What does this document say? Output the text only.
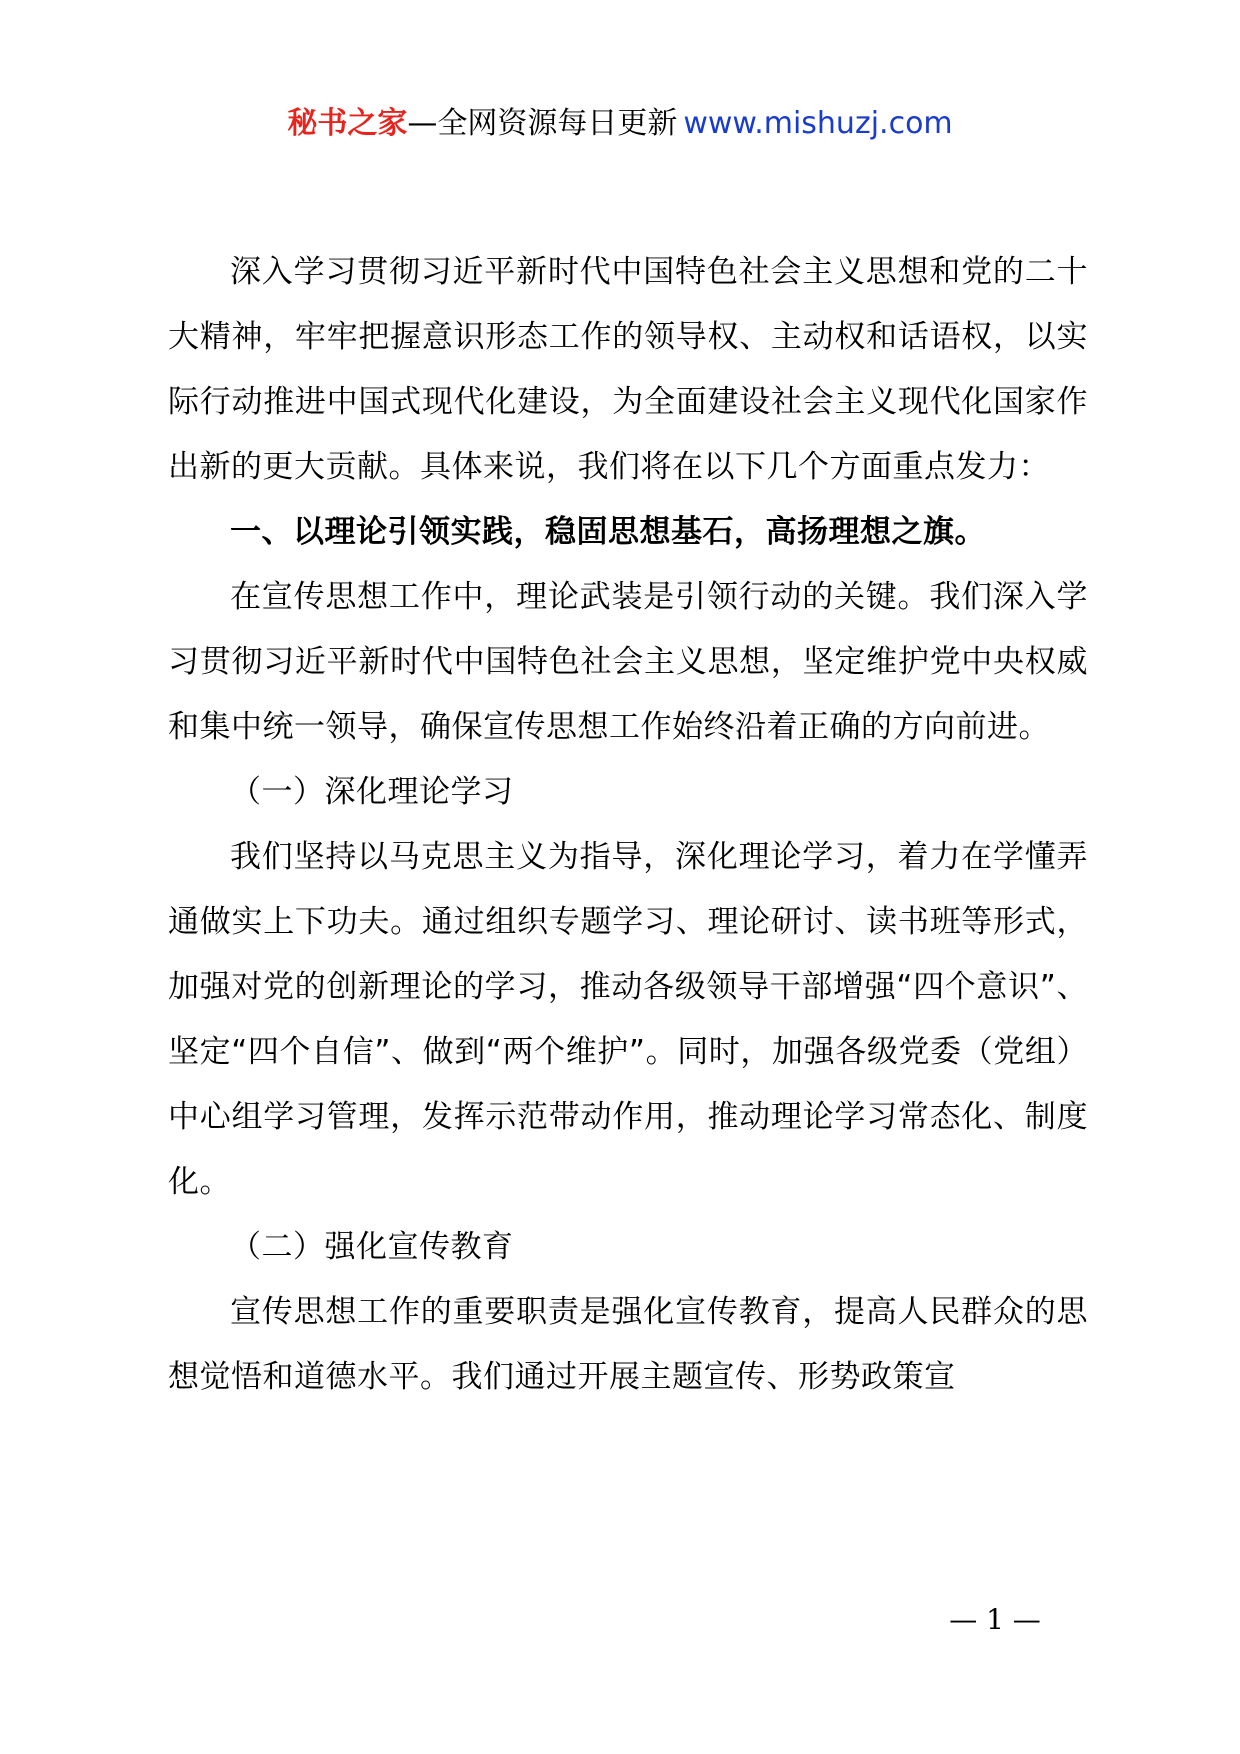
秘书之家—全网资源每日更新 www.mishuzj.com

深入学习贯彻习近平新时代中国特色社会主义思想和党的二十大精神，牢牢把握意识形态工作的领导权、主动权和话语权，以实际行动推进中国式现代化建设，为全面建设社会主义现代化国家作出新的更大贡献。具体来说，我们将在以下几个方面重点发力：

一、以理论引领实践，稳固思想基石，高扬理想之旗。

在宣传思想工作中，理论武装是引领行动的关键。我们深入学习贯彻习近平新时代中国特色社会主义思想，坚定维护党中央权威和集中统一领导，确保宣传思想工作始终沿着正确的方向前进。

（一）深化理论学习

我们坚持以马克思主义为指导，深化理论学习，着力在学懂弄通做实上下功夫。通过组织专题学习、理论研讨、读书班等形式，加强对党的创新理论的学习，推动各级领导干部增强“四个意识”、坚定“四个自信”、做到“两个维护”。同时，加强各级党委（党组）中心组学习管理，发挥示范带动作用，推动理论学习常态化、制度化。

（二）强化宣传教育

宣传思想工作的重要职责是强化宣传教育，提高人民群众的思想觉悟和道德水平。我们通过开展主题宣传、形势政策宣

— 1 —
